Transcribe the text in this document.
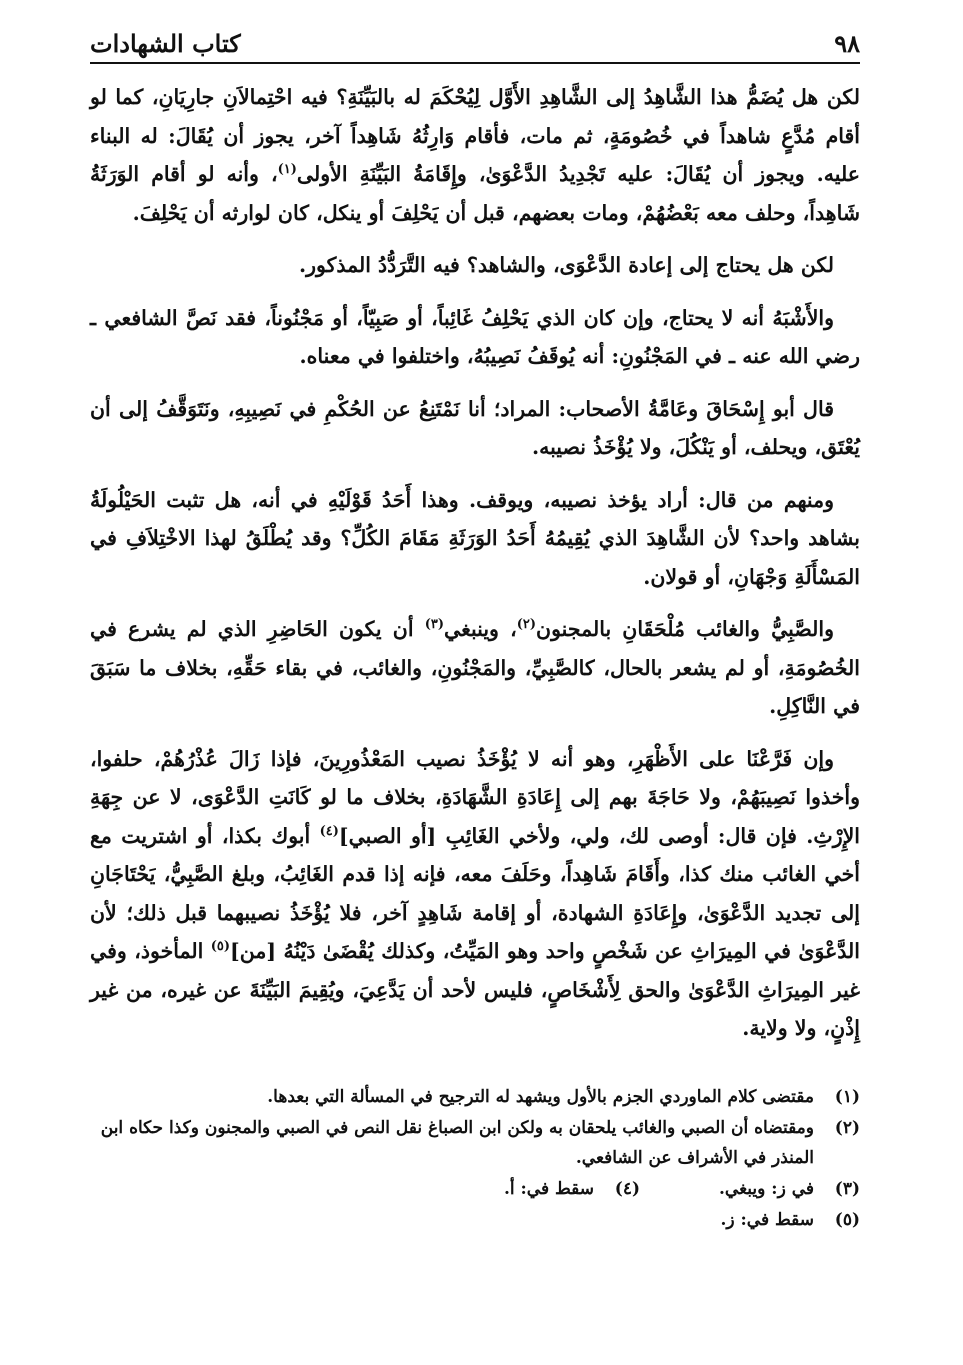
٩٨
كتاب الشهادات

لكن هل يُضَمُّ هذا الشَّاهِدُ إلى الشَّاهِدِ الأَوَّل لِيُحْكَمَ له بالبَيِّنَةِ؟ فيه احْتِمالاَنِ جارِيَانِ، كما لو أقام مُدَّعٍ شاهداً في خُصُومَةٍ، ثم مات، فأقام وَارِثُهُ شَاهِداً آخر، يجوز أن يُقَالَ: له البناء عليه. ويجوز أن يُقَالَ: عليه تَجْدِيدُ الدَّعْوَىٰ، وإِقَامَةُ البَيِّنَةِ الأولى$^{(١)}$، وأنه لو أقام الوَرَثَةُ شَاهِداً، وحلف معه بَعْضُهُمْ، ومات بعضهم، قبل أن يَحْلِفَ أو ينكل، كان لوارثه أن يَحْلِفَ.

لكن هل يحتاج إلى إعادة الدَّعْوَى، والشاهد؟ فيه التَّرَدُّدُ المذكور.

والأَشْبَهُ أنه لا يحتاج، وإن كان الذي يَحْلِفُ غَائِباً، أو صَبِيّاً، أو مَجْنُوناً، فقد نَصَّ الشافعي ـ رضي الله عنه ـ في المَجْنُونِ: أنه يُوقَفُ نَصِيبُهُ، واختلفوا في معناه.

قال أبو إِسْحَاقَ وعَامَّةُ الأصحاب: المراد؛ أنا نَمْتَنِعُ عن الحُكْمِ في نَصِيبِهِ، ونَتَوَقَّفُ إلى أن يُعْتَق، ويحلف، أو يَنْكُلَ، ولا يُؤْخَذُ نصيبه.

ومنهم من قال: أراد يؤخذ نصيبه، ويوقف. وهذا أَحَدُ قَوْلَيْهِ في أنه، هل تثبت الحَيْلُولَةُ بشاهد واحد؟ لأن الشَّاهِدَ الذي يُقِيمُهُ أَحَدُ الوَرَثَةِ مَقَامَ الكُلِّ؟ وقد يُطْلَقُ لهذا الاخْتِلاَفِ في المَسْأَلَةِ وَجْهَانِ، أو قولان.

والصَّبِيُّ والغائب مُلْحَقَانِ بالمجنون$^{(٢)}$، وينبغي$^{(٣)}$ أن يكون الحَاضِرِ الذي لم يشرع في الخُصُومَةِ، أو لم يشعر بالحال، كالصَّبِيِّ، والمَجْنُونِ، والغائب، في بقاء حَقِّهِ، بخلاف ما سَبَقَ في النَّاكِلِ.

وإن فَرَّعْنَا على الأَظْهَرِ، وهو أنه لا يُؤْخَذُ نصيب المَعْذُورِينَ، فإذا زَالَ عُذْرُهُمْ، حلفوا، وأخذوا نَصِيبَهُمْ، ولا حَاجَةَ بهم إلى إِعَادَةِ الشَّهَادَةِ، بخلاف ما لو كَانَتِ الدَّعْوَى، لا عن جِهَةِ الإِرْثِ. فإن قال: أوصى لك، ولي، ولأخي الغَائِبِ [أو الصبي]$^{(٤)}$ أبوك بكذا، أو اشتريت مع أخي الغائب منك كذا، وأَقَامَ شَاهِداً، وحَلَفَ معه، فإنه إذا قدم الغَائِبُ، وبلغ الصَّبِيُّ، يَحْتَاجَانِ إلى تجديد الدَّعْوَىٰ، وإِعَادَةِ الشهادة، أو إقامة شَاهِدٍ آخر، فلا يُؤْخَذُ نصيبهما قبل ذلك؛ لأن الدَّعْوَىٰ في المِيرَاثِ عن شَخْصٍ واحد وهو المَيِّتُ، وكذلك يُقْضَىٰ دَيْنُهُ [من]$^{(٥)}$ المأخوذ، وفي غير المِيرَاثِ الدَّعْوَىٰ والحق لِأَشْخَاصٍ، فليس لأحد أن يَدَّعِيَ، ويُقِيمَ البَيِّنَةَ عن غيره، من غير إِذْنٍ، ولا ولاية.

(١)
مقتضى كلام الماوردي الجزم بالأول ويشهد له الترجيح في المسألة التي بعدها.
(٢)
ومقتضاه أن الصبي والغائب يلحقان به ولكن ابن الصباغ نقل النص في الصبي والمجنون وكذا حكاه ابن المنذر في الأشراف عن الشافعي.
(٣)
في ز: ويبغي.
(٤)
سقط في: أ.
(٥)
سقط في: ز.
